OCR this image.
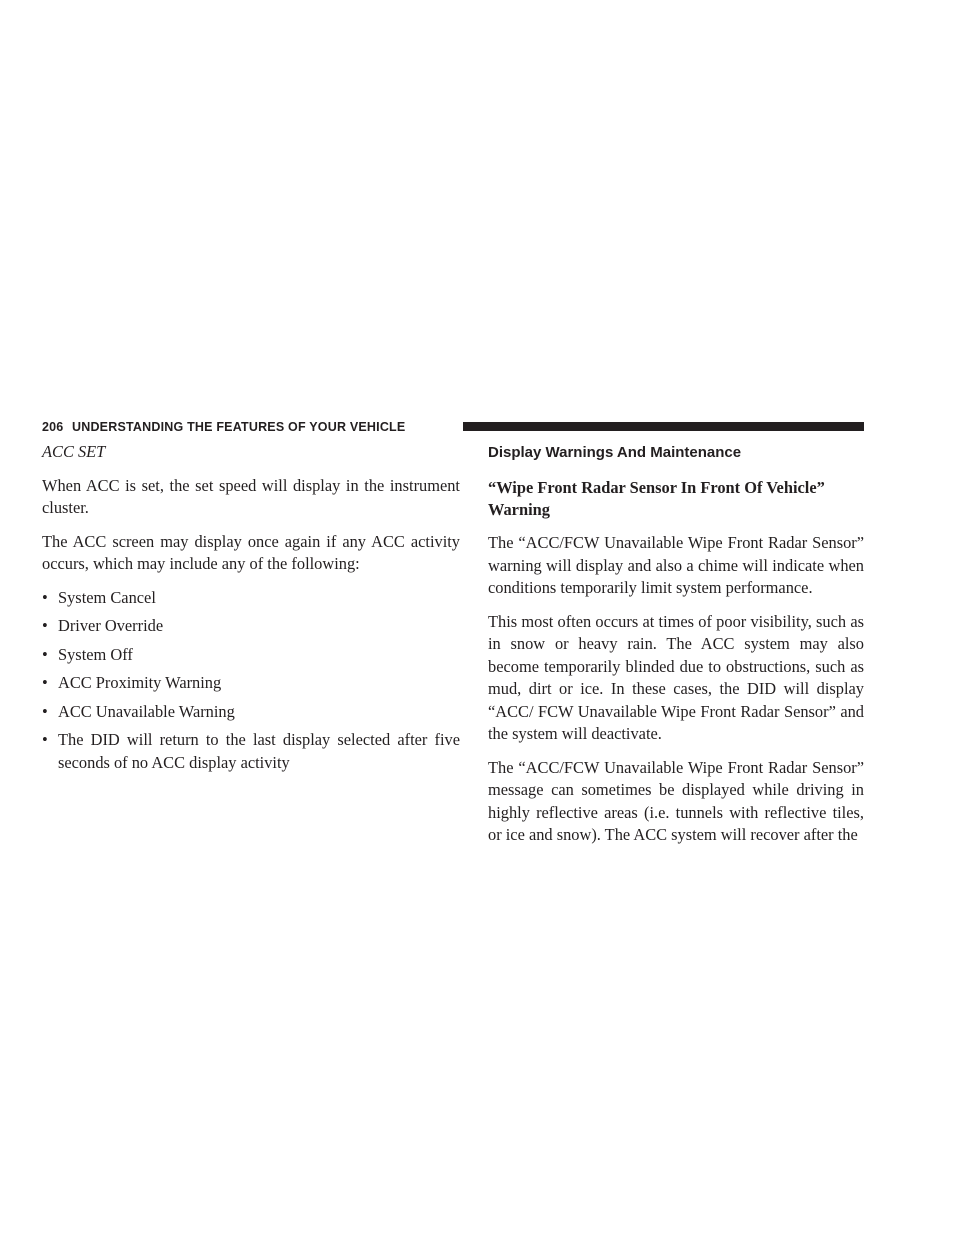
206 UNDERSTANDING THE FEATURES OF YOUR VEHICLE
ACC SET

When ACC is set, the set speed will display in the instrument cluster.

The ACC screen may display once again if any ACC activity occurs, which may include any of the following:

• System Cancel
• Driver Override
• System Off
• ACC Proximity Warning
• ACC Unavailable Warning
• The DID will return to the last display selected after five seconds of no ACC display activity
Display Warnings And Maintenance
“Wipe Front Radar Sensor In Front Of Vehicle” Warning

The “ACC/FCW Unavailable Wipe Front Radar Sensor” warning will display and also a chime will indicate when conditions temporarily limit system performance.

This most often occurs at times of poor visibility, such as in snow or heavy rain. The ACC system may also become temporarily blinded due to obstructions, such as mud, dirt or ice. In these cases, the DID will display “ACC/ FCW Unavailable Wipe Front Radar Sensor” and the system will deactivate.

The “ACC/FCW Unavailable Wipe Front Radar Sensor” message can sometimes be displayed while driving in highly reflective areas (i.e. tunnels with reflective tiles, or ice and snow). The ACC system will recover after the
